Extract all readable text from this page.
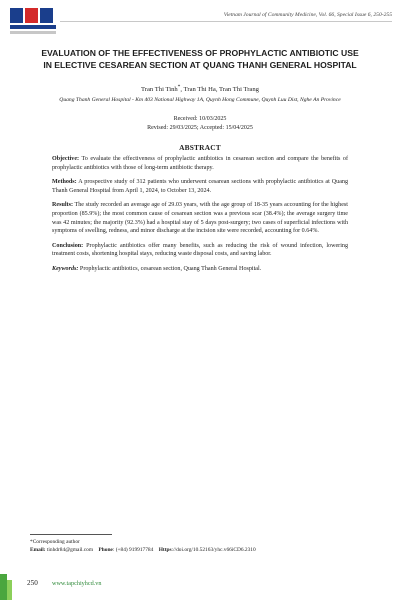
Vietnam Journal of Community Medicine, Vol. 66, Special Issue 6, 250-255
EVALUATION OF THE EFFECTIVENESS OF PROPHYLACTIC ANTIBIOTIC USE
IN ELECTIVE CESAREAN SECTION AT QUANG THANH GENERAL HOSPITAL
Tran Thi Tinh*, Tran Thi Ha, Tran Thi Trang
Quang Thanh General Hospital - Km 403 National Highway 1A, Quynh Hong Commune, Quynh Luu Dist, Nghe An Province
Received: 10/03/2025
Revised: 29/03/2025; Accepted: 15/04/2025
ABSTRACT

Objective: To evaluate the effectiveness of prophylactic antibiotics in cesarean section and compare the benefits of prophylactic antibiotics with those of long-term antibiotic therapy.

Methods: A prospective study of 312 patients who underwent cesarean sections with prophylactic antibiotics at Quang Thanh General Hospital from April 1, 2024, to October 13, 2024.

Results: The study recorded an average age of 29.03 years, with the age group of 18-35 years accounting for the highest proportion (85.9%); the most common cause of cesarean section was a previous scar (38.4%); the average surgery time was 42 minutes; the majority (92.3%) had a hospital stay of 5 days post-surgery; two cases of superficial infections with symptoms of swelling, redness, and minor discharge at the incision site were recorded, accounting for 0.64%.

Conclusion: Prophylactic antibiotics offer many benefits, such as reducing the risk of wound infection, lowering treatment costs, shortening hospital stays, reducing waste disposal costs, and saving labor.

Keywords: Prophylactic antibiotics, cesarean section, Quang Thanh General Hospital.

*Corresponding author
Email: tinhdr84@gmail.com Phone: (+84) 919917784 Https://doi.org/10.52163/yhc.v66iCD6.2310
250 www.tapchiyhcd.vn
